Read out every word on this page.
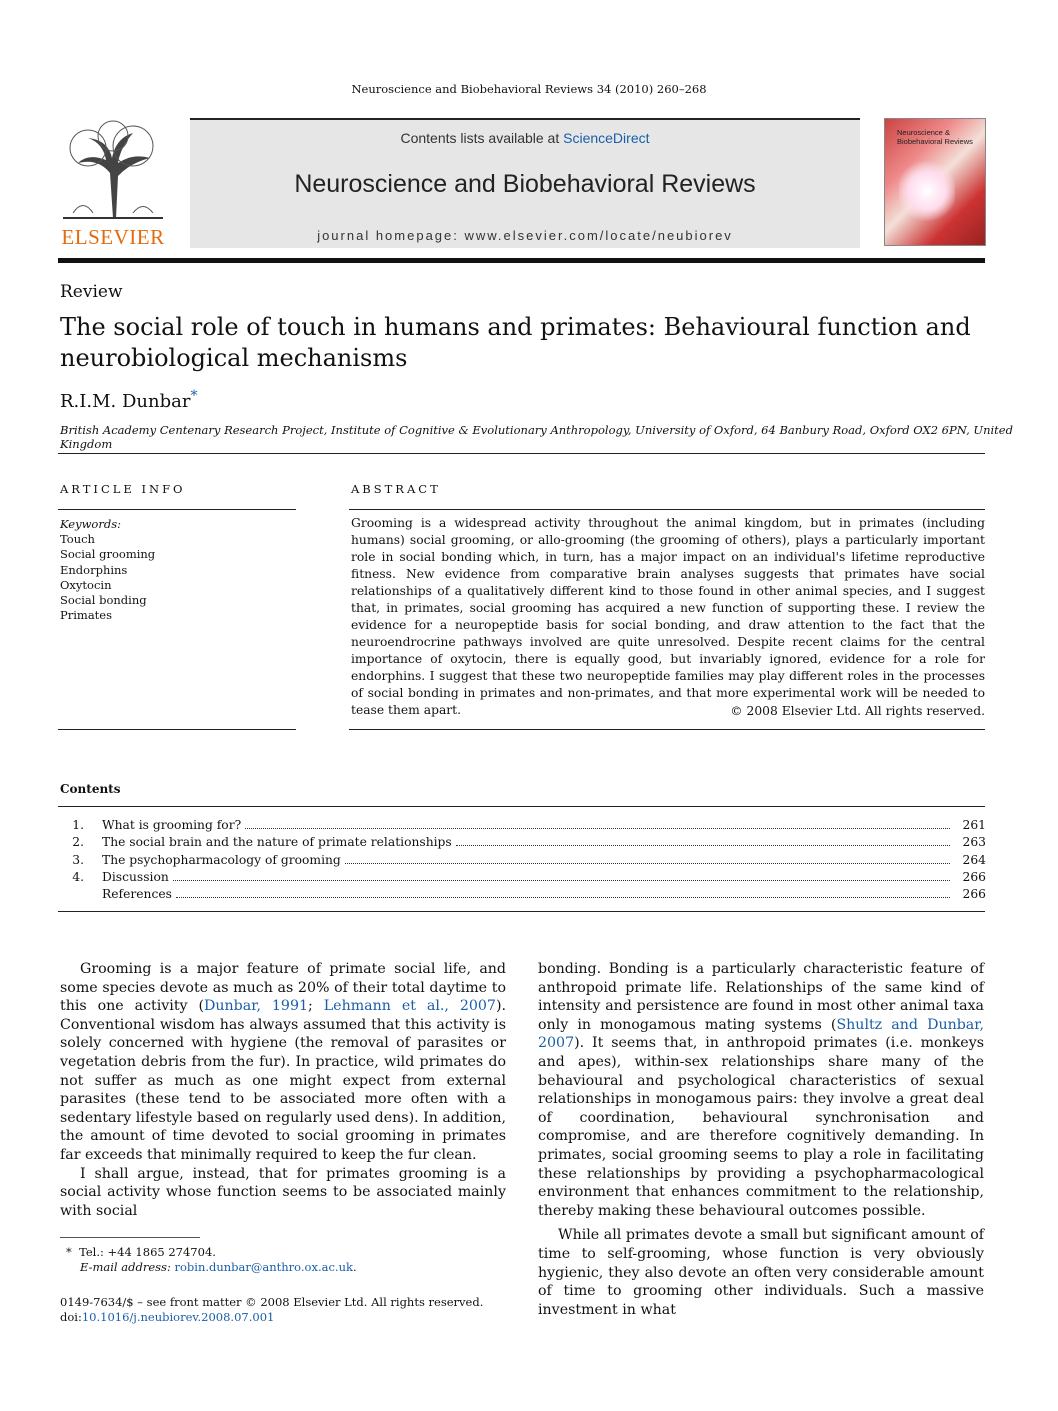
Neuroscience and Biobehavioral Reviews 34 (2010) 260–268
ELSEVIER
Contents lists available at ScienceDirect
Neuroscience and Biobehavioral Reviews
journal homepage: www.elsevier.com/locate/neubiorev
Neuroscience & Biobehavioral Reviews
Review
The social role of touch in humans and primates: Behavioural function and neurobiological mechanisms
R.I.M. Dunbar*
British Academy Centenary Research Project, Institute of Cognitive & Evolutionary Anthropology, University of Oxford, 64 Banbury Road, Oxford OX2 6PN, United Kingdom
ARTICLE INFO
Keywords:
Touch
Social grooming
Endorphins
Oxytocin
Social bonding
Primates
ABSTRACT
Grooming is a widespread activity throughout the animal kingdom, but in primates (including humans) social grooming, or allo-grooming (the grooming of others), plays a particularly important role in social bonding which, in turn, has a major impact on an individual's lifetime reproductive fitness. New evidence from comparative brain analyses suggests that primates have social relationships of a qualitatively different kind to those found in other animal species, and I suggest that, in primates, social grooming has acquired a new function of supporting these. I review the evidence for a neuropeptide basis for social bonding, and draw attention to the fact that the neuroendrocrine pathways involved are quite unresolved. Despite recent claims for the central importance of oxytocin, there is equally good, but invariably ignored, evidence for a role for endorphins. I suggest that these two neuropeptide families may play different roles in the processes of social bonding in primates and non-primates, and that more experimental work will be needed to tease them apart.	© 2008 Elsevier Ltd. All rights reserved.
Contents
1. What is grooming for?	261
2. The social brain and the nature of primate relationships	263
3. The psychopharmacology of grooming	264
4. Discussion	266
References	266

Grooming is a major feature of primate social life, and some species devote as much as 20% of their total daytime to this one activity (Dunbar, 1991; Lehmann et al., 2007). Conventional wisdom has always assumed that this activity is solely concerned with hygiene (the removal of parasites or vegetation debris from the fur). In practice, wild primates do not suffer as much as one might expect from external parasites (these tend to be associated more often with a sedentary lifestyle based on regularly used dens). In addition, the amount of time devoted to social grooming in primates far exceeds that minimally required to keep the fur clean.

I shall argue, instead, that for primates grooming is a social activity whose function seems to be associated mainly with social

bonding. Bonding is a particularly characteristic feature of anthropoid primate life. Relationships of the same kind of intensity and persistence are found in most other animal taxa only in monogamous mating systems (Shultz and Dunbar, 2007). It seems that, in anthropoid primates (i.e. monkeys and apes), within-sex relationships share many of the behavioural and psychological characteristics of sexual relationships in monogamous pairs: they involve a great deal of coordination, behavioural synchronisation and compromise, and are therefore cognitively demanding. In primates, social grooming seems to play a role in facilitating these relationships by providing a psychopharmacological environment that enhances commitment to the relationship, thereby making these behavioural outcomes possible.

While all primates devote a small but significant amount of time to self-grooming, whose function is very obviously hygienic, they also devote an often very considerable amount of time to grooming other individuals. Such a massive investment in what

* Tel.: +44 1865 274704.
E-mail address: robin.dunbar@anthro.ox.ac.uk.
0149-7634/$ – see front matter © 2008 Elsevier Ltd. All rights reserved.
doi:10.1016/j.neubiorev.2008.07.001
